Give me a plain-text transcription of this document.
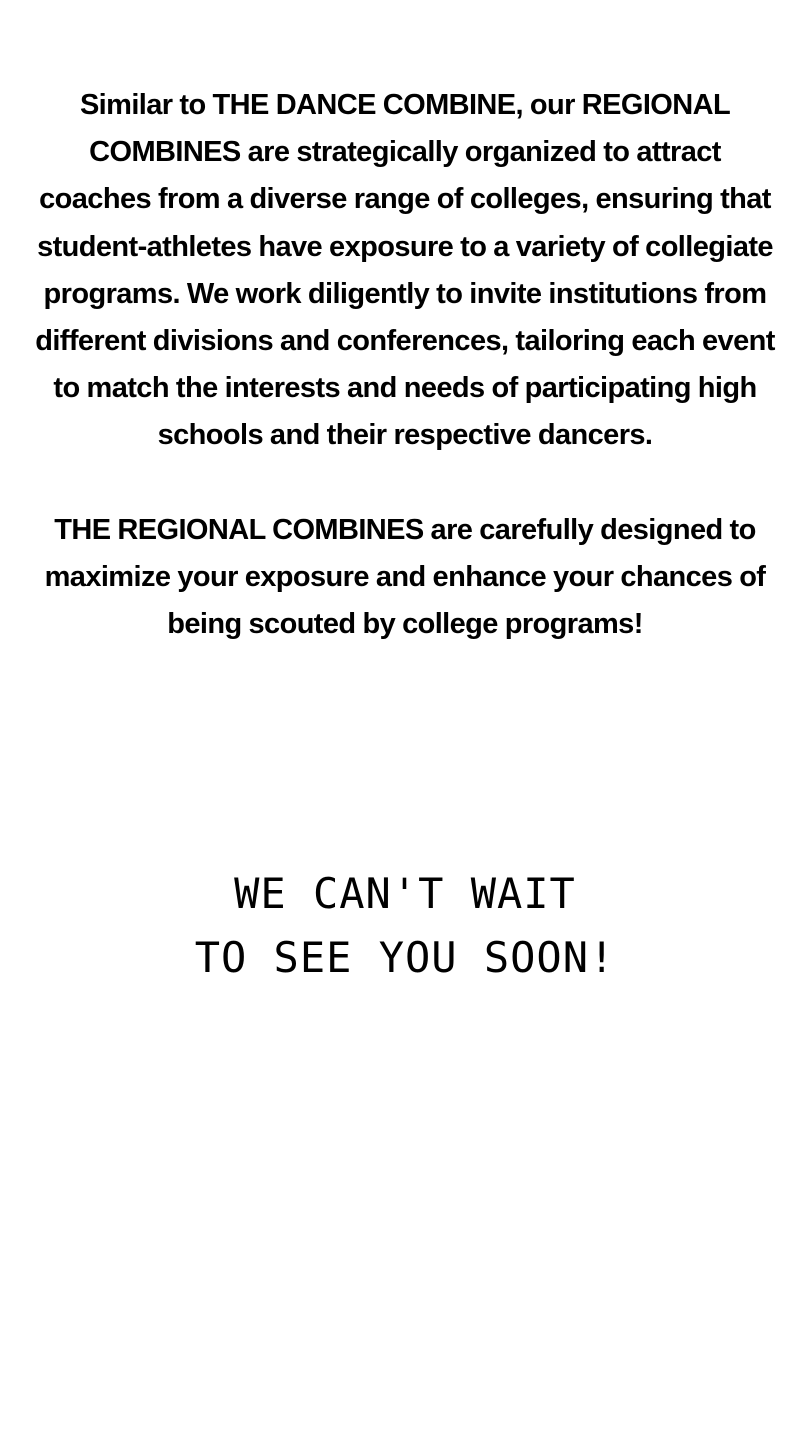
Similar to THE DANCE COMBINE, our REGIONAL COMBINES are strategically organized to attract coaches from a diverse range of colleges, ensuring that student-athletes have exposure to a variety of collegiate programs. We work diligently to invite institutions from different divisions and conferences, tailoring each event to match the interests and needs of participating high schools and their respective dancers.

THE REGIONAL COMBINES are carefully designed to maximize your exposure and enhance your chances of being scouted by college programs!

WE CAN'T WAIT
TO SEE YOU SOON!
